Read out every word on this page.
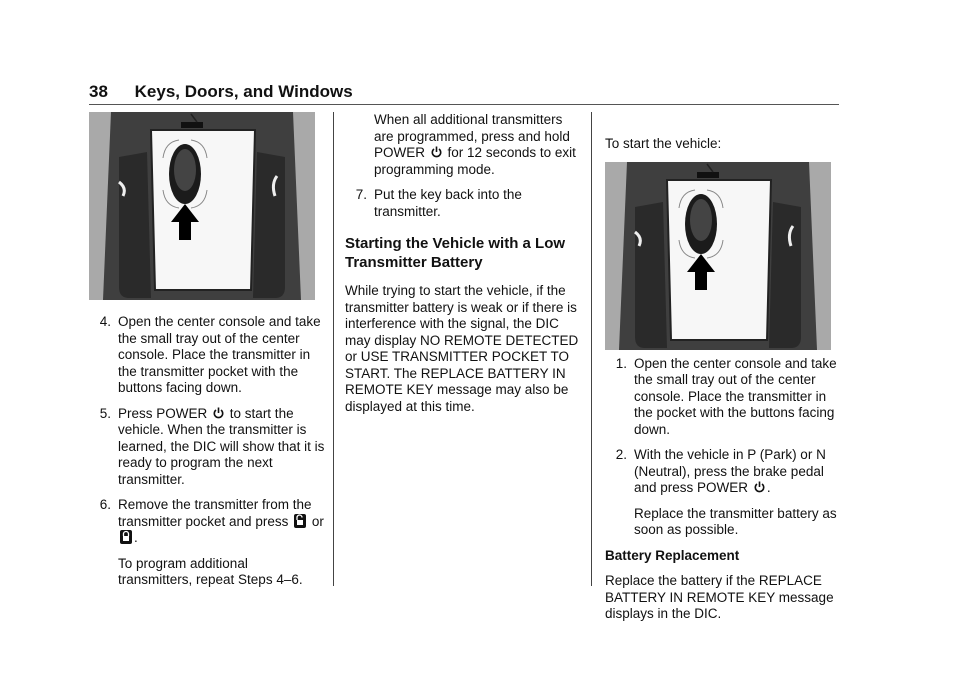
38 Keys, Doors, and Windows
4. Open the center console and take the small tray out of the center console. Place the transmitter in the transmitter pocket with the buttons facing down.

5. Press POWER to start the vehicle. When the transmitter is learned, the DIC will show that it is ready to program the next transmitter.

6. Remove the transmitter from the transmitter pocket and press or .

To program additional transmitters, repeat Steps 4–6.

When all additional transmitters are programmed, press and hold POWER for 12 seconds to exit programming mode.

7. Put the key back into the transmitter.

Starting the Vehicle with a Low Transmitter Battery

While trying to start the vehicle, if the transmitter battery is weak or if there is interference with the signal, the DIC may display NO REMOTE DETECTED or USE TRANSMITTER POCKET TO START. The REPLACE BATTERY IN REMOTE KEY message may also be displayed at this time.

To start the vehicle:

1. Open the center console and take the small tray out of the center console. Place the transmitter in the pocket with the buttons facing down.

2. With the vehicle in P (Park) or N (Neutral), press the brake pedal and press POWER .

Replace the transmitter battery as soon as possible.

Battery Replacement

Replace the battery if the REPLACE BATTERY IN REMOTE KEY message displays in the DIC.
